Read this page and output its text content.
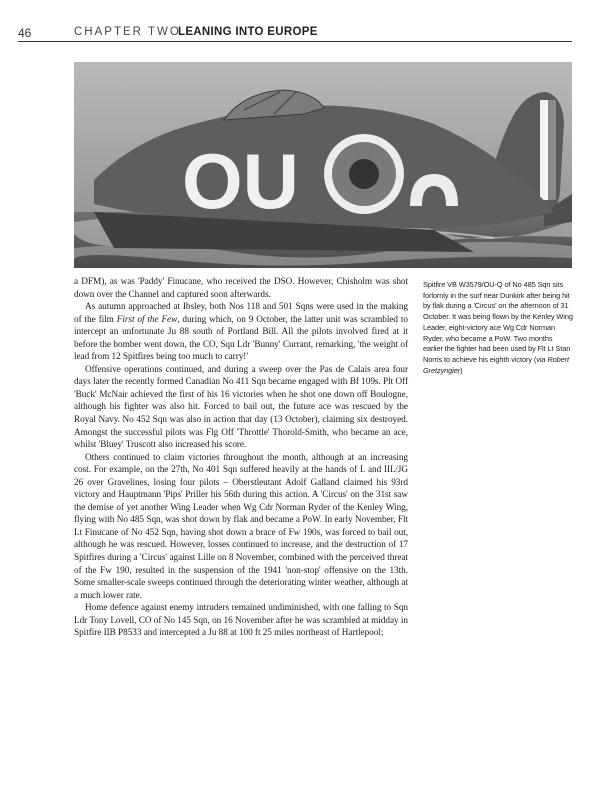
46	CHAPTER TWO
LEANING INTO EUROPE
OU
Spitfire VB W3579/OU-Q of No 485 Sqn sits forlornly in the surf near Dunkirk after being hit by flak during a 'Circus' on the afternoon of 31 October. It was being flown by the Kenley Wing Leader, eight-victory ace Wg Cdr Norman Ryder, who became a PoW. Two months earlier the fighter had been used by Flt Lt Stan Norris to achieve his eighth victory (via Robert Gretzyngier)

a DFM), as was 'Paddy' Finucane, who received the DSO. However, Chisholm was shot down over the Channel and captured soon afterwards.

As autumn approached at Ibsley, both Nos 118 and 501 Sqns were used in the making of the film First of the Few, during which, on 9 October, the latter unit was scrambled to intercept an unfortunate Ju 88 south of Portland Bill. All the pilots involved fired at it before the bomber went down, the CO, Sqn Ldr 'Bunny' Currant, remarking, 'the weight of lead from 12 Spitfires being too much to carry!'

Offensive operations continued, and during a sweep over the Pas de Calais area four days later the recently formed Canadian No 411 Sqn became engaged with Bf 109s. Plt Off 'Buck' McNair achieved the first of his 16 victories when he shot one down off Boulogne, although his fighter was also hit. Forced to bail out, the future ace was rescued by the Royal Navy. No 452 Sqn was also in action that day (13 October), claiming six destroyed. Amongst the successful pilots was Flg Off 'Throttle' Thorold-Smith, who became an ace, whilst 'Bluey' Truscott also increased his score.

Others continued to claim victories throughout the month, although at an increasing cost. For example, on the 27th, No 401 Sqn suffered heavily at the hands of I. and III./JG 26 over Gravelines, losing four pilots – Oberstleutant Adolf Galland claimed his 93rd victory and Hauptmann 'Pips' Priller his 56th during this action. A 'Circus' on the 31st saw the demise of yet another Wing Leader when Wg Cdr Norman Ryder of the Kenley Wing, flying with No 485 Sqn, was shot down by flak and became a PoW. In early November, Flt Lt Finucane of No 452 Sqn, having shot down a brace of Fw 190s, was forced to bail out, although he was rescued. However, losses continued to increase, and the destruction of 17 Spitfires during a 'Circus' against Lille on 8 November, combined with the perceived threat of the Fw 190, resulted in the suspension of the 1941 'non-stop' offensive on the 13th. Some smaller-scale sweeps continued through the deteriorating winter weather, although at a much lower rate.

Home defence against enemy intruders remained undiminished, with one falling to Sqn Ldr Tony Lovell, CO of No 145 Sqn, on 16 November after he was scrambled at midday in Spitfire IIB P8533 and intercepted a Ju 88 at 100 ft 25 miles northeast of Hartlepool;
